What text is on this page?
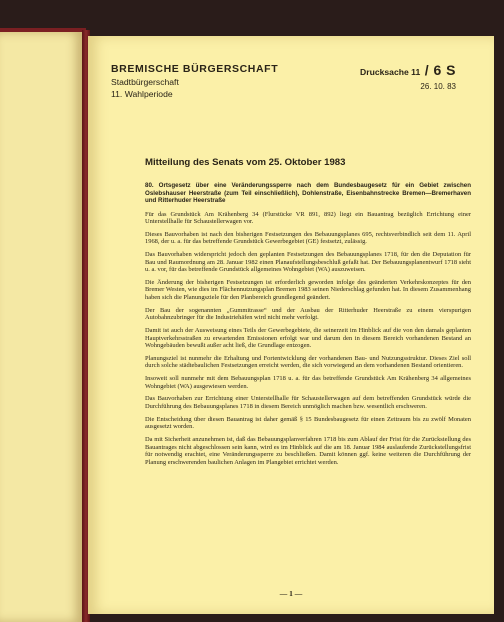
BREMISCHE BÜRGERSCHAFT
Stadtbürgerschaft
11. Wahlperiode
Drucksache 11 / 6 S
26. 10. 83
Mitteilung des Senats vom 25. Oktober 1983

80. Ortsgesetz über eine Veränderungssperre nach dem Bundesbaugesetz für ein Gebiet zwischen Oslebshauser Heerstraße (zum Teil einschließlich), Dohlenstraße, Eisenbahnstrecke Bremen—Bremerhaven und Ritterhuder Heerstraße

Für das Grundstück Am Krähenberg 34 (Flurstücke VR 891, 892) liegt ein Bauantrag bezüglich Errichtung einer Unterstellhalle für Schaustellerwagen vor.

Dieses Bauvorhaben ist nach den bisherigen Festsetzungen des Bebauungsplanes 695, rechtsverbindlich seit dem 11. April 1968, der u. a. für das betreffende Grundstück Gewerbegebiet (GE) festsetzt, zulässig.

Das Bauvorhaben widerspricht jedoch den geplanten Festsetzungen des Bebauungsplanes 1718, für den die Deputation für Bau und Raumordnung am 28. Januar 1982 einen Planaufstellungsbeschluß gefaßt hat. Der Bebauungsplanentwurf 1718 sieht u. a. vor, für das betreffende Grundstück allgemeines Wohngebiet (WA) auszuweisen.

Die Änderung der bisherigen Festsetzungen ist erforderlich geworden infolge des geänderten Verkehrskonzeptes für den Bremer Westen, wie dies im Flächennutzungsplan Bremen 1983 seinen Niederschlag gefunden hat. In diesem Zusammenhang haben sich die Planungsziele für den Planbereich grundlegend geändert.

Der Bau der sogenannten „Gummitrasse“ und der Ausbau der Ritterhuder Heerstraße zu einem vierspurigen Autobahnzubringer für die Industriehäfen wird nicht mehr verfolgt.

Damit ist auch der Ausweisung eines Teils der Gewerbegebiete, die seinerzeit im Hinblick auf die von den damals geplanten Hauptverkehrsstraßen zu erwartenden Emissionen erfolgt war und darum den in diesem Bereich vorhandenen Bestand an Wohngebäuden bewußt außer acht ließ, die Grundlage entzogen.

Planungsziel ist nunmehr die Erhaltung und Fortentwicklung der vorhandenen Bau- und Nutzungsstruktur. Dieses Ziel soll durch solche städtebaulichen Festsetzungen erreicht werden, die sich vorwiegend an dem vorhandenen Bestand orientieren.

Insoweit soll nunmehr mit dem Bebauungsplan 1718 u. a. für das betreffende Grundstück Am Krähenberg 34 allgemeines Wohngebiet (WA) ausgewiesen werden.

Das Bauvorhaben zur Errichtung einer Unterstellhalle für Schaustellerwagen auf dem betreffenden Grundstück würde die Durchführung des Bebauungsplanes 1718 in diesem Bereich unmöglich machen bzw. wesentlich erschweren.

Die Entscheidung über diesen Bauantrag ist daher gemäß § 15 Bundesbaugesetz für einen Zeitraum bis zu zwölf Monaten ausgesetzt worden.

Da mit Sicherheit anzunehmen ist, daß das Bebauungsplanverfahren 1718 bis zum Ablauf der Frist für die Zurückstellung des Bauantrages nicht abgeschlossen sein kann, wird es im Hinblick auf die am 18. Januar 1984 auslaufende Zurückstellungsfrist für notwendig erachtet, eine Veränderungssperre zu beschließen. Damit können ggf. keine weiteren die Durchführung der Planung erschwerenden baulichen Anlagen im Plangebiet errichtet werden.

— 1 —
